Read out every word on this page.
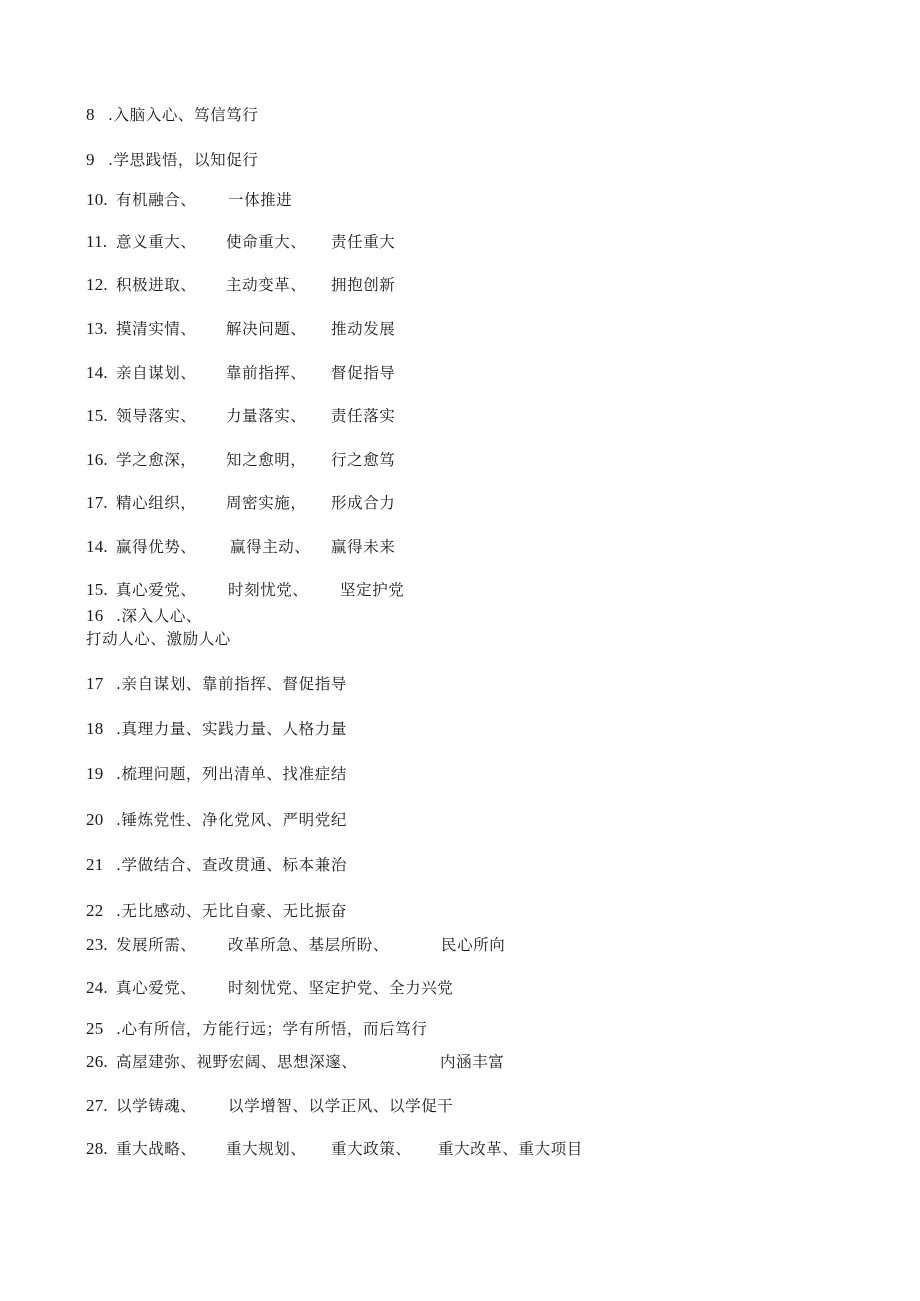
8 .入脑入心、笃信笃行
9 .学思践悟，以知促行
10. 有机融合、 一体推进
11. 意义重大、 使命重大、 责任重大
12. 积极进取、 主动变革、 拥抱创新
13. 摸清实情、 解决问题、 推动发展
14. 亲自谋划、 靠前指挥、 督促指导
15. 领导落实、 力量落实、 责任落实
16. 学之愈深， 知之愈明， 行之愈笃
17. 精心组织， 周密实施， 形成合力
14. 赢得优势、 赢得主动、 赢得未来
15. 真心爱党、 时刻忧党、 坚定护党
16 .深入人心、
打动人心、激励人心
17 .亲自谋划、靠前指挥、督促指导
18 .真理力量、实践力量、人格力量
19 .梳理问题，列出清单、找准症结
20 .锤炼党性、净化党风、严明党纪
21 .学做结合、查改贯通、标本兼治
22 .无比感动、无比自豪、无比振奋
23. 发展所需、 改革所急、基层所盼、	民心所向
24. 真心爱党、 时刻忧党、坚定护党、全力兴党
25 .心有所信，方能行远；学有所悟，而后笃行
26. 高屋建弥、视野宏阔、思想深邃、	内涵丰富
27. 以学铸魂、 以学增智、以学正风、以学促干
28. 重大战略、 重大规划、 重大政策、 重大改革、重大项目
